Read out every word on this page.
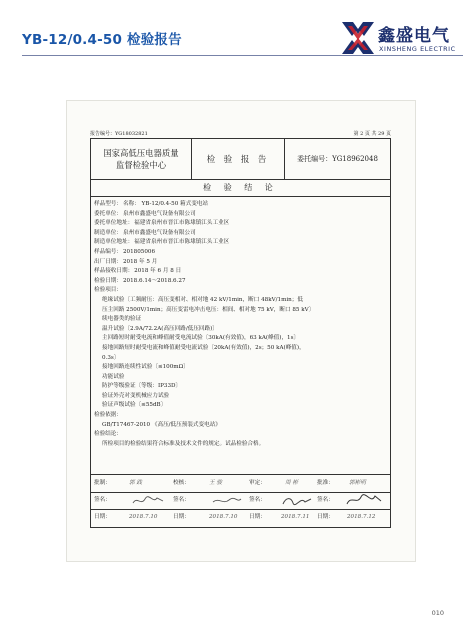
YB-12/0.4-50 检验报告	鑫盛电气
XINSHENG ELECTRIC
报告编号：YG18032821	第 2 页 共 29 页
国家高低压电器质量
监督检验中心
检 验 报 告	委托编号：YG18962048
检 验 结 论
样品型号：名称： YB-12/0.4-50 箱式变电站
委托单位：泉州市鑫盛电气设备有限公司
委托单位地址：福建省泉州市晋江市陈埭镇江头工业区
制造单位：泉州市鑫盛电气设备有限公司
制造单位地址：福建省泉州市晋江市陈埭镇江头工业区
样品编号：201805006
出厂日期：2018 年 5 月
样品接收日期：2018 年 6 月 8 日
检验日期：2018.6.14～2018.6.27
检验项目：
绝缘试验〔工频耐压：高压变相对、相对地 42 kV/1min，断口 48kV/1min；低
压主回路 2500V/1min；高压变雷电冲击电压：相间、相对地 75 kV，断口 85 kV〕
续电器类的验证
温升试验〔2.9A/72.2A(高压回路/低压回路)〕
主回路短时耐受电流和峰值耐受电流试验〔30kA(有效值)，63 kA(峰值)，1s〕
接地回路短时耐受电流和峰值耐受电流试验〔20kA(有效值)，2s；50 kA(峰值)，
0.3s〕
接地回路连续性试验〔≤100mΩ〕
功能试验
防护等级验证〔等级：IP33D〕
验证外壳对变机械应力试验
验证声级试验〔≤55dB〕
检验依据：
GB/T17467-2010 《高压/低压预装式变电站》
检验结论：
所检项目的检验结果符合标准及技术文件的规定。试品检验合格。
批制：	郭 践	校核：	王 骏	审定：	周 彬	批准：	郭彬明
签名：	签名：	签名：	签名：
日期：	2018.7.10	日期：	2018.7.10 日期：	2018.7.11 日期： 2018.7.12
010
